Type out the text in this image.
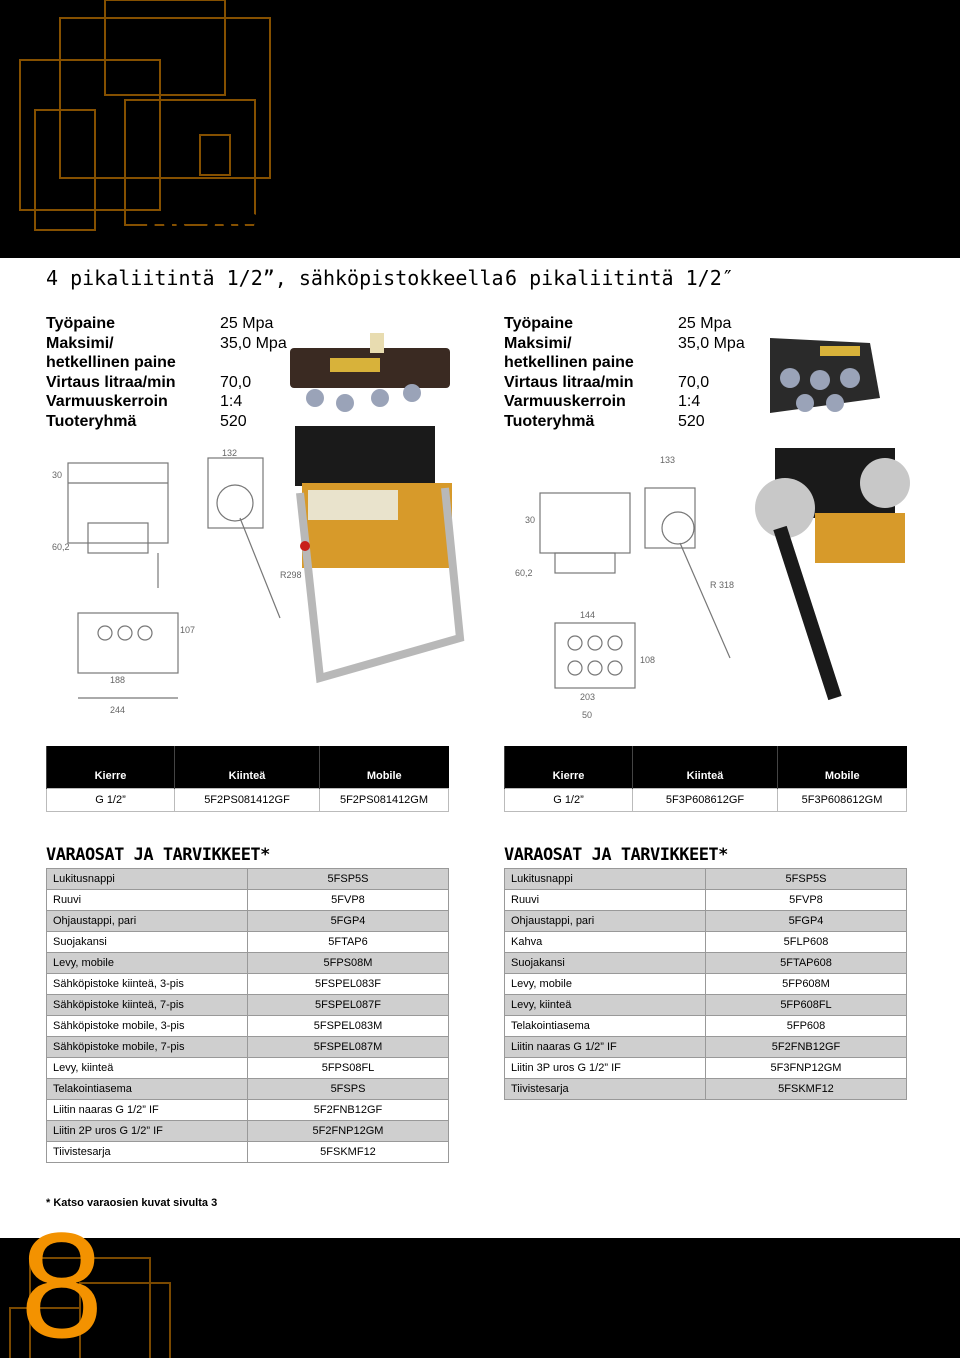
PS08
4 pikaliitintä 1/2”, sähköpistokkeella
P608
6 pikaliitintä 1/2″
Työpaine	25 Mpa
Maksimi/	35,0 Mpa
hetkellinen paine
Virtaus litraa/min	70,0
Varmuuskerroin	1:4
Tuoteryhmä	520
Työpaine	25 Mpa
Maksimi/	35,0 Mpa
hetkellinen paine
Virtaus litraa/min	70,0
Varmuuskerroin	1:4
Tuoteryhmä	520
30
60,2
132
R298
107
188
244
30
60,2
133
R 318
144
108
203
50
Kierre	Kiinteä	Mobile
G 1/2”	5F2PS081412GF	5F2PS081412GM
Kierre	Kiinteä	Mobile
G 1/2”	5F3P608612GF	5F3P608612GM
VARAOSAT JA TARVIKKEET*	VARAOSAT JA TARVIKKEET*
Lukitusnappi	5FSP5S
Ruuvi	5FVP8
Ohjaustappi, pari	5FGP4
Suojakansi	5FTAP6
Levy, mobile	5FPS08M
Sähköpistoke kiinteä, 3-pis	5FSPEL083F
Sähköpistoke kiinteä, 7-pis	5FSPEL087F
Sähköpistoke mobile, 3-pis	5FSPEL083M
Sähköpistoke mobile, 7-pis	5FSPEL087M
Levy, kiinteä	5FPS08FL
Telakointiasema	5FSPS
Liitin naaras G 1/2” IF	5F2FNB12GF
Liitin 2P uros G 1/2” IF	5F2FNP12GM
Tiivistesarja	5FSKMF12
Lukitusnappi	5FSP5S
Ruuvi	5FVP8
Ohjaustappi, pari	5FGP4
Kahva	5FLP608
Suojakansi	5FTAP608
Levy, mobile	5FP608M
Levy, kiinteä	5FP608FL
Telakointiasema	5FP608
Liitin naaras G 1/2” IF	5F2FNB12GF
Liitin 3P uros G 1/2” IF	5F3FNP12GM
Tiivistesarja	5FSKMF12
* Katso varaosien kuvat sivulta 3
8
